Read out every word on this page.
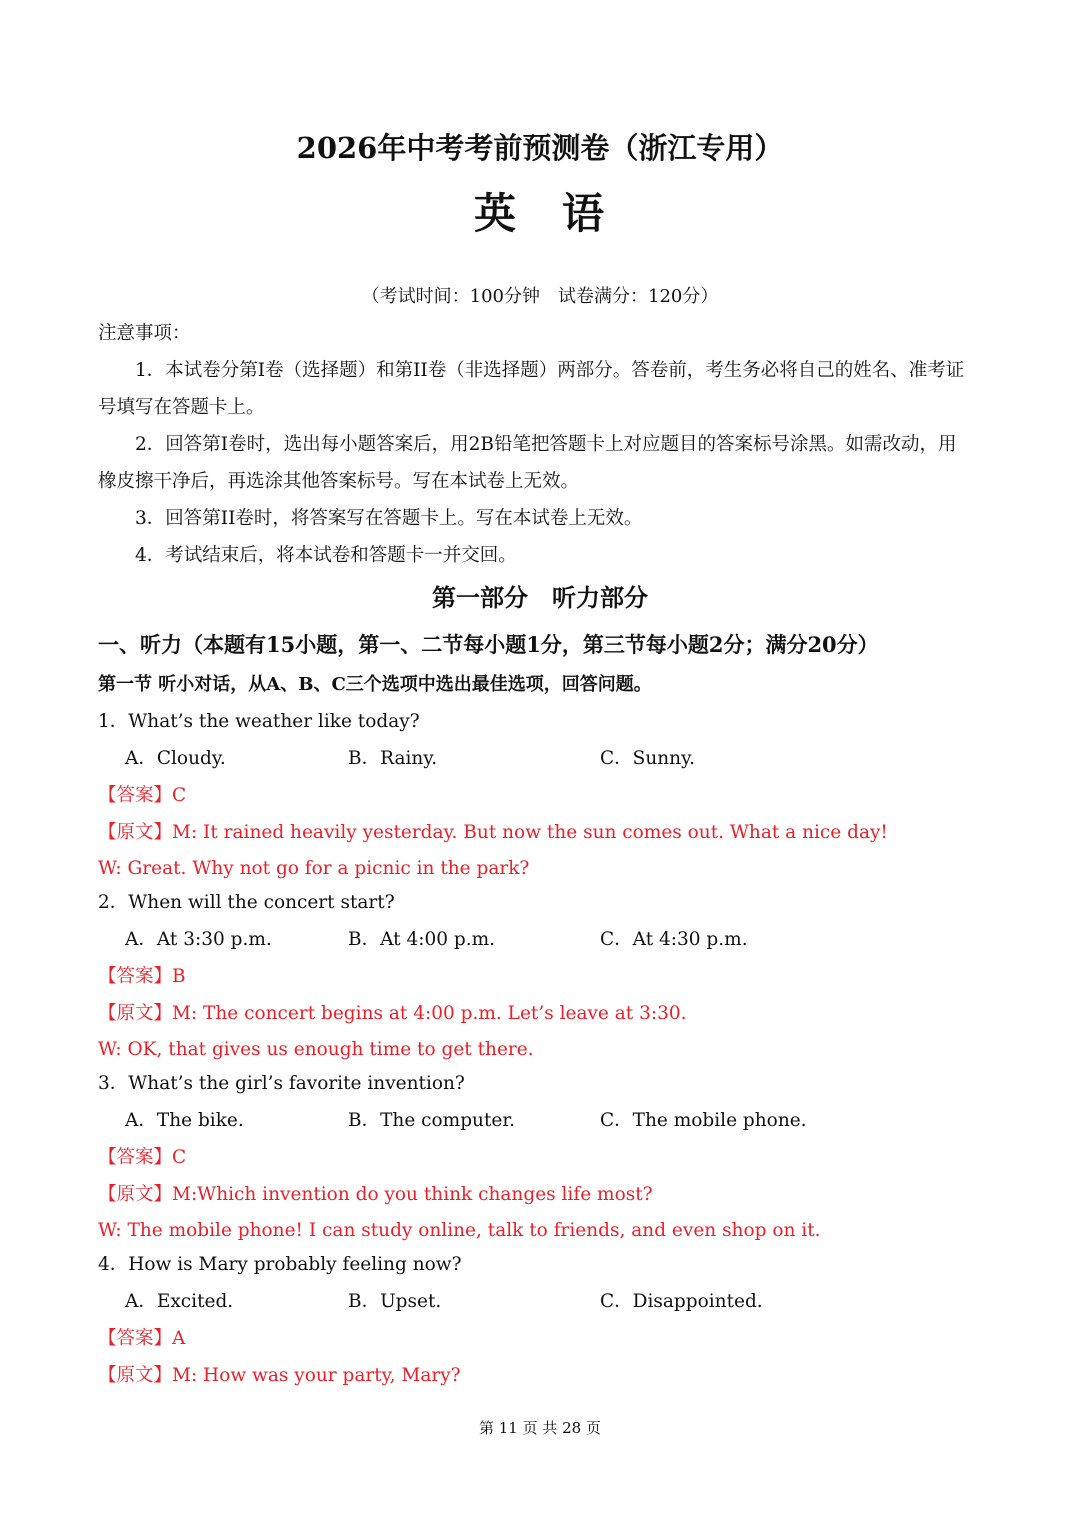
2026年中考考前预测卷（浙江专用）
英　语
（考试时间：100分钟　试卷满分：120分）
注意事项：
1．本试卷分第I卷（选择题）和第II卷（非选择题）两部分。答卷前，考生务必将自己的姓名、准考证
号填写在答题卡上。
2．回答第I卷时，选出每小题答案后，用2B铅笔把答题卡上对应题目的答案标号涂黑。如需改动，用
橡皮擦干净后，再选涂其他答案标号。写在本试卷上无效。
3．回答第II卷时，将答案写在答题卡上。写在本试卷上无效。
4．考试结束后，将本试卷和答题卡一并交回。
第一部分　听力部分
一、听力（本题有15小题，第一、二节每小题1分，第三节每小题2分；满分20分）
第一节 听小对话，从A、B、C三个选项中选出最佳选项，回答问题。
1．What’s the weather like today?
A．Cloudy.	B．Rainy.	C．Sunny.
【答案】C
【原文】M: It rained heavily yesterday. But now the sun comes out. What a nice day!
W: Great. Why not go for a picnic in the park?
2．When will the concert start?
A．At 3:30 p.m.	B．At 4:00 p.m.	C．At 4:30 p.m.
【答案】B
【原文】M: The concert begins at 4:00 p.m. Let’s leave at 3:30.
W: OK, that gives us enough time to get there.
3．What’s the girl’s favorite invention?
A．The bike.	B．The computer.	C．The mobile phone.
【答案】C
【原文】M:Which invention do you think changes life most?
W: The mobile phone! I can study online, talk to friends, and even shop on it.
4．How is Mary probably feeling now?
A．Excited.	B．Upset.	C．Disappointed.
【答案】A
【原文】M: How was your party, Mary?
第 11 页 共 28 页
